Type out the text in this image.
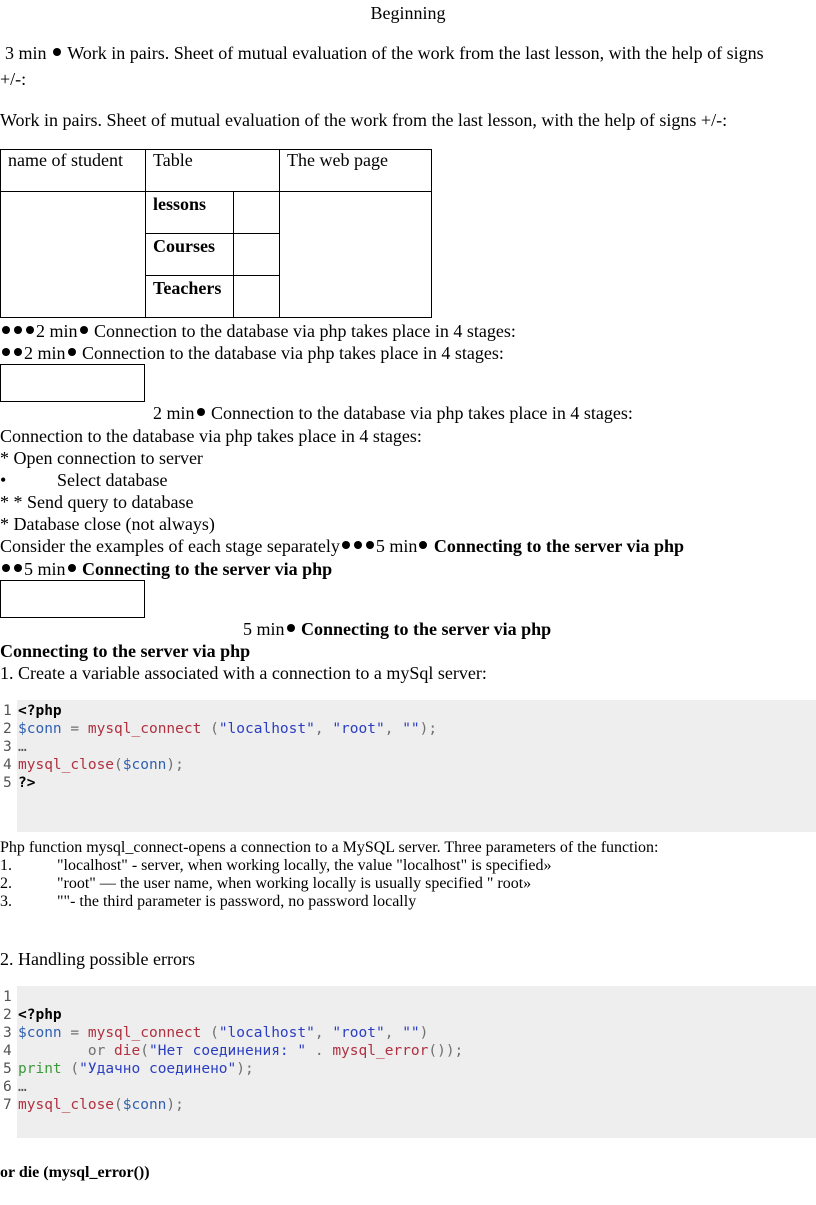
Beginning
3 min Work in pairs. Sheet of mutual evaluation of the work from the last lesson, with the help of signs
+/-:
Work in pairs. Sheet of mutual evaluation of the work from the last lesson, with the help of signs +/-:
name of student	Table		The web page
	lessons		
	Courses		
	Teachers		
2 min Connection to the database via php takes place in 4 stages:
2 min Connection to the database via php takes place in 4 stages:
2 min Connection to the database via php takes place in 4 stages:
Connection to the database via php takes place in 4 stages:
* Open connection to server
•	Select database
* * Send query to database
* Database close (not always)
Consider the examples of each stage separately 5 min Connecting to the server via php
5 min Connecting to the server via php
5 min Connecting to the server via php
Connecting to the server via php
1. Create a variable associated with a connection to a mySql server:
1
2
3
4
5
<?php
$conn = mysql_connect ("localhost", "root", "");
…
mysql_close($conn);
?>
Php function mysql_connect-opens a connection to a MySQL server. Three parameters of the function:
1.	"localhost" - server, when working locally, the value "localhost" is specified»
2.	"root" — the user name, when working locally is usually specified " root»
3.	""- the third parameter is password, no password locally
2. Handling possible errors
1
2
3
4
5
6
7
<?php
$conn = mysql_connect ("localhost", "root", "")
or die("Нет соединения: " . mysql_error());
print ("Удачно соединено");
…
mysql_close($conn);
or die (mysql_error())
